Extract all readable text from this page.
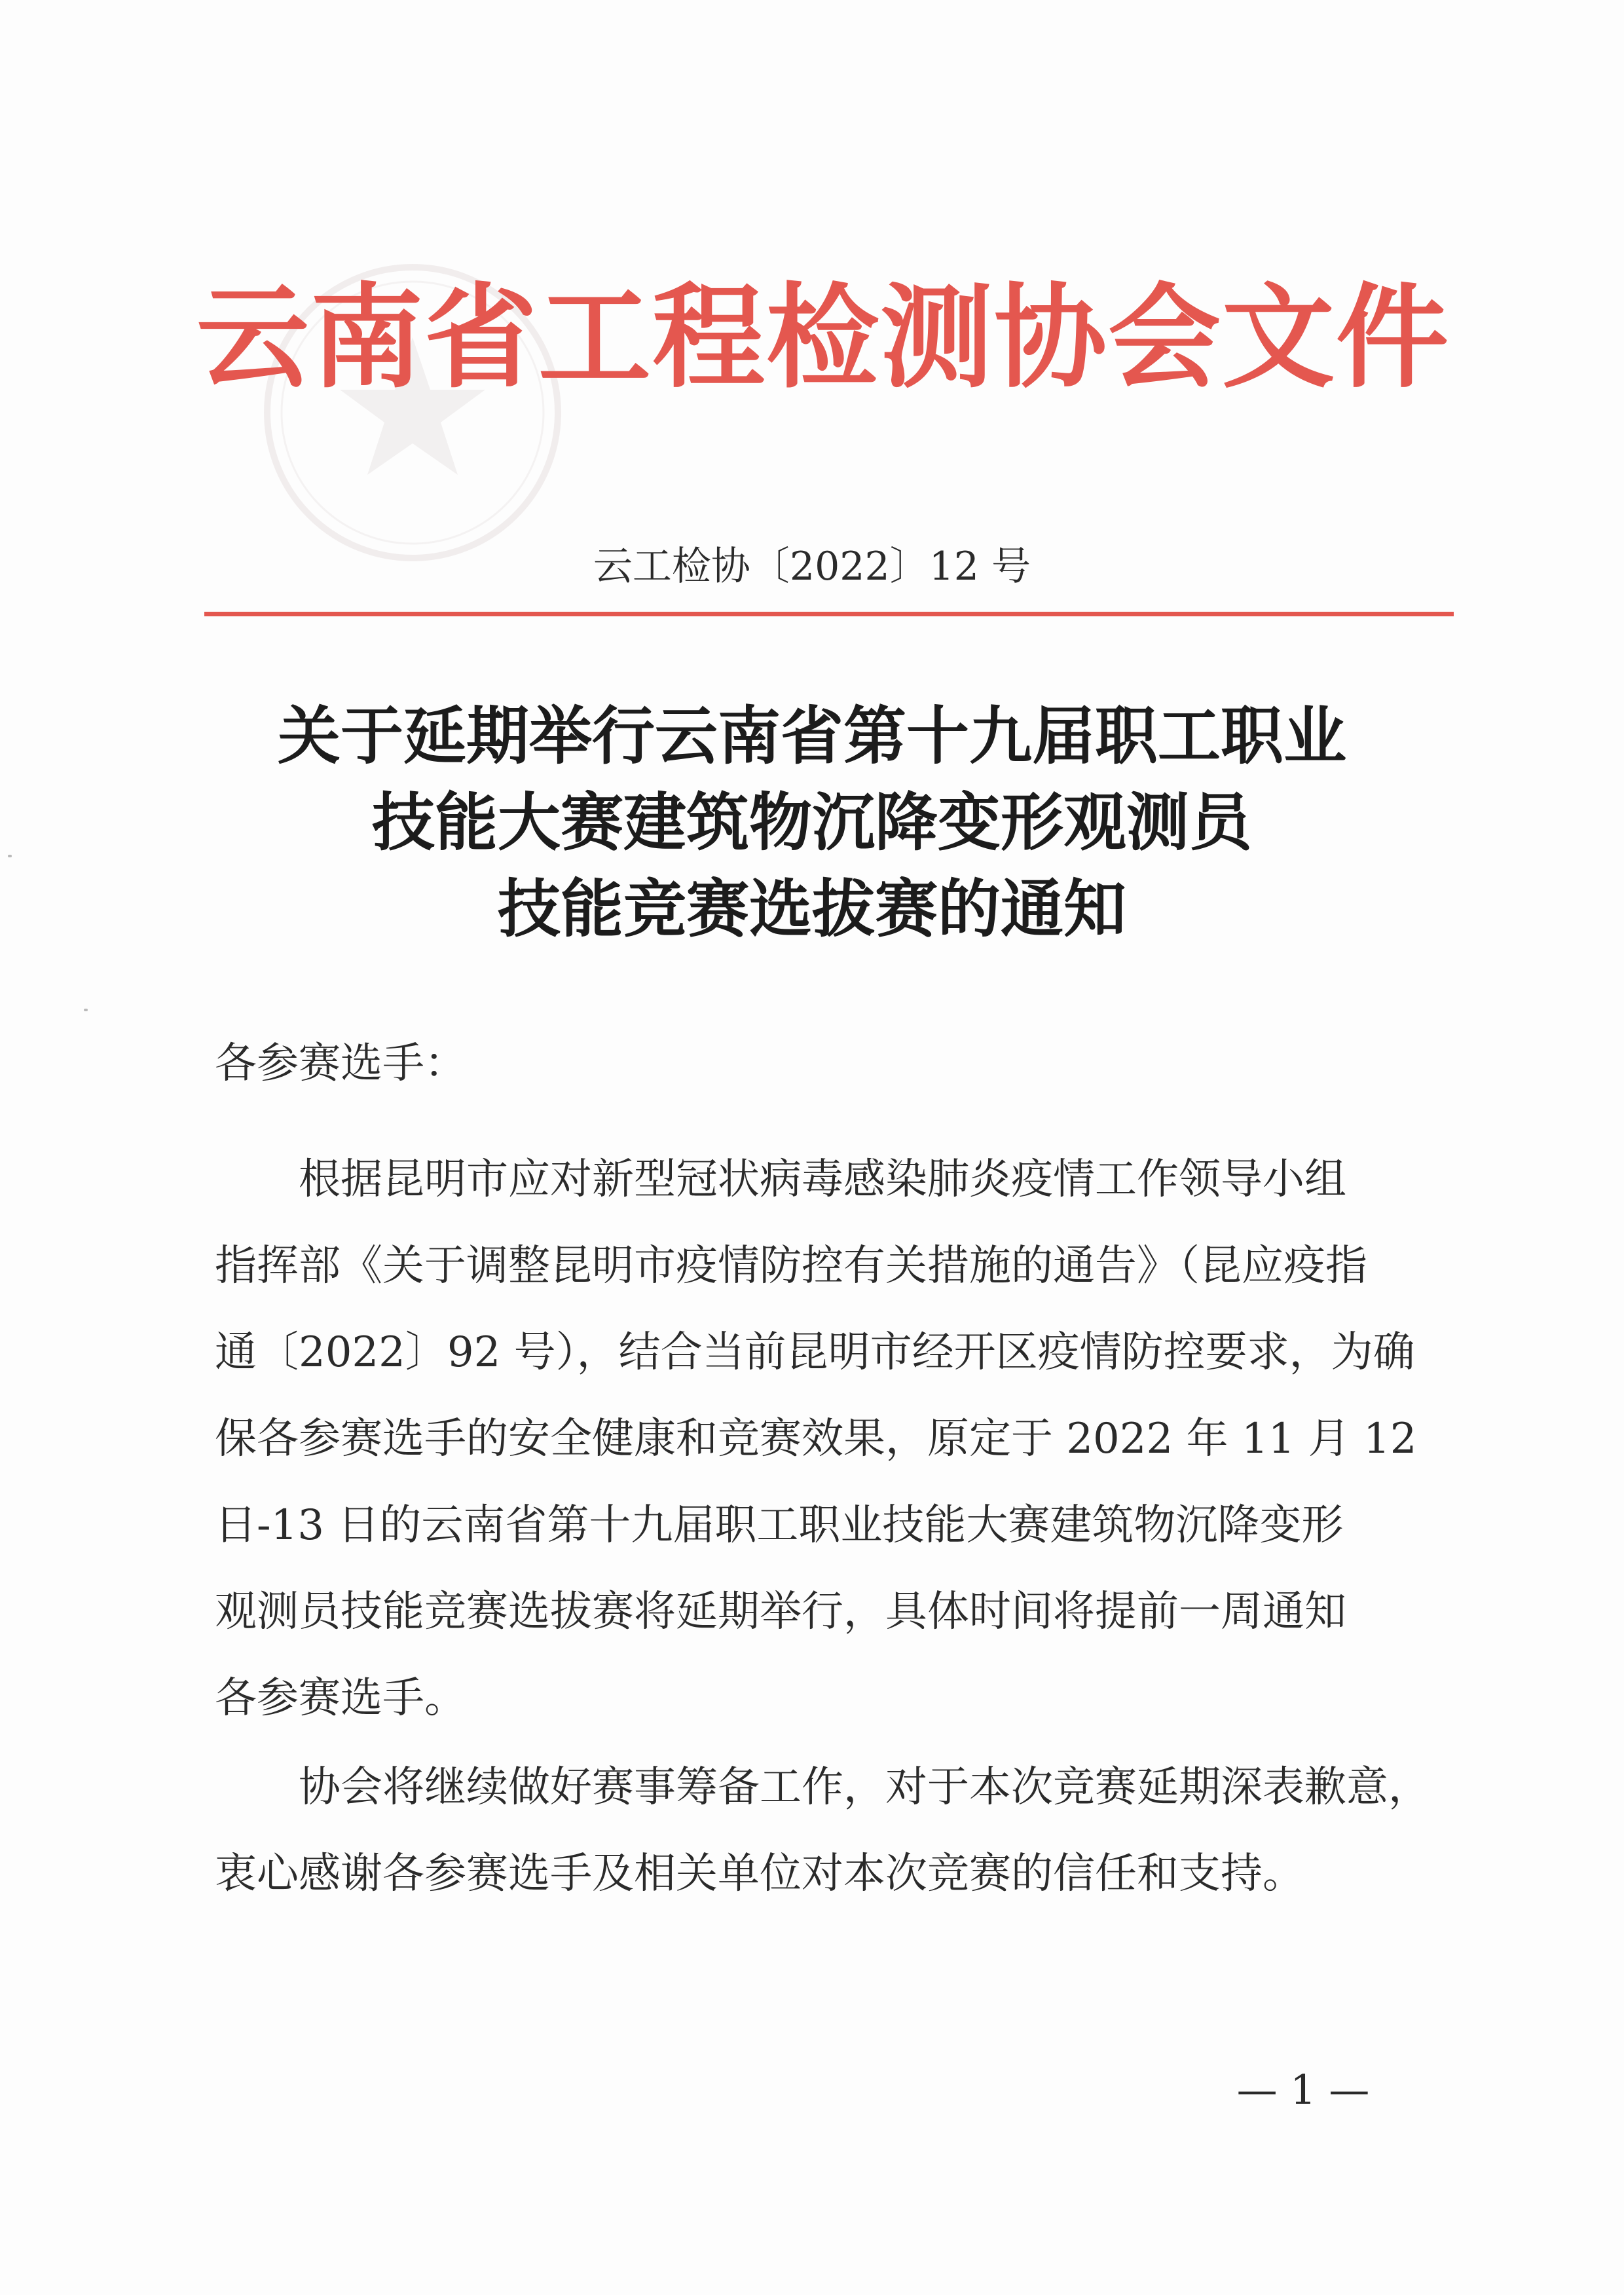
云南省工程检测协会文件
云工检协〔2022〕12 号
关于延期举行云南省第十九届职工职业
技能大赛建筑物沉降变形观测员
技能竞赛选拔赛的通知
各参赛选手：
根据昆明市应对新型冠状病毒感染肺炎疫情工作领导小组
指挥部《关于调整昆明市疫情防控有关措施的通告》（昆应疫指
通〔2022〕92 号），结合当前昆明市经开区疫情防控要求，为确
保各参赛选手的安全健康和竞赛效果，原定于 2022 年 11 月 12
日-13 日的云南省第十九届职工职业技能大赛建筑物沉降变形
观测员技能竞赛选拔赛将延期举行，具体时间将提前一周通知
各参赛选手。
协会将继续做好赛事筹备工作，对于本次竞赛延期深表歉意，
衷心感谢各参赛选手及相关单位对本次竞赛的信任和支持。
— 1 —
